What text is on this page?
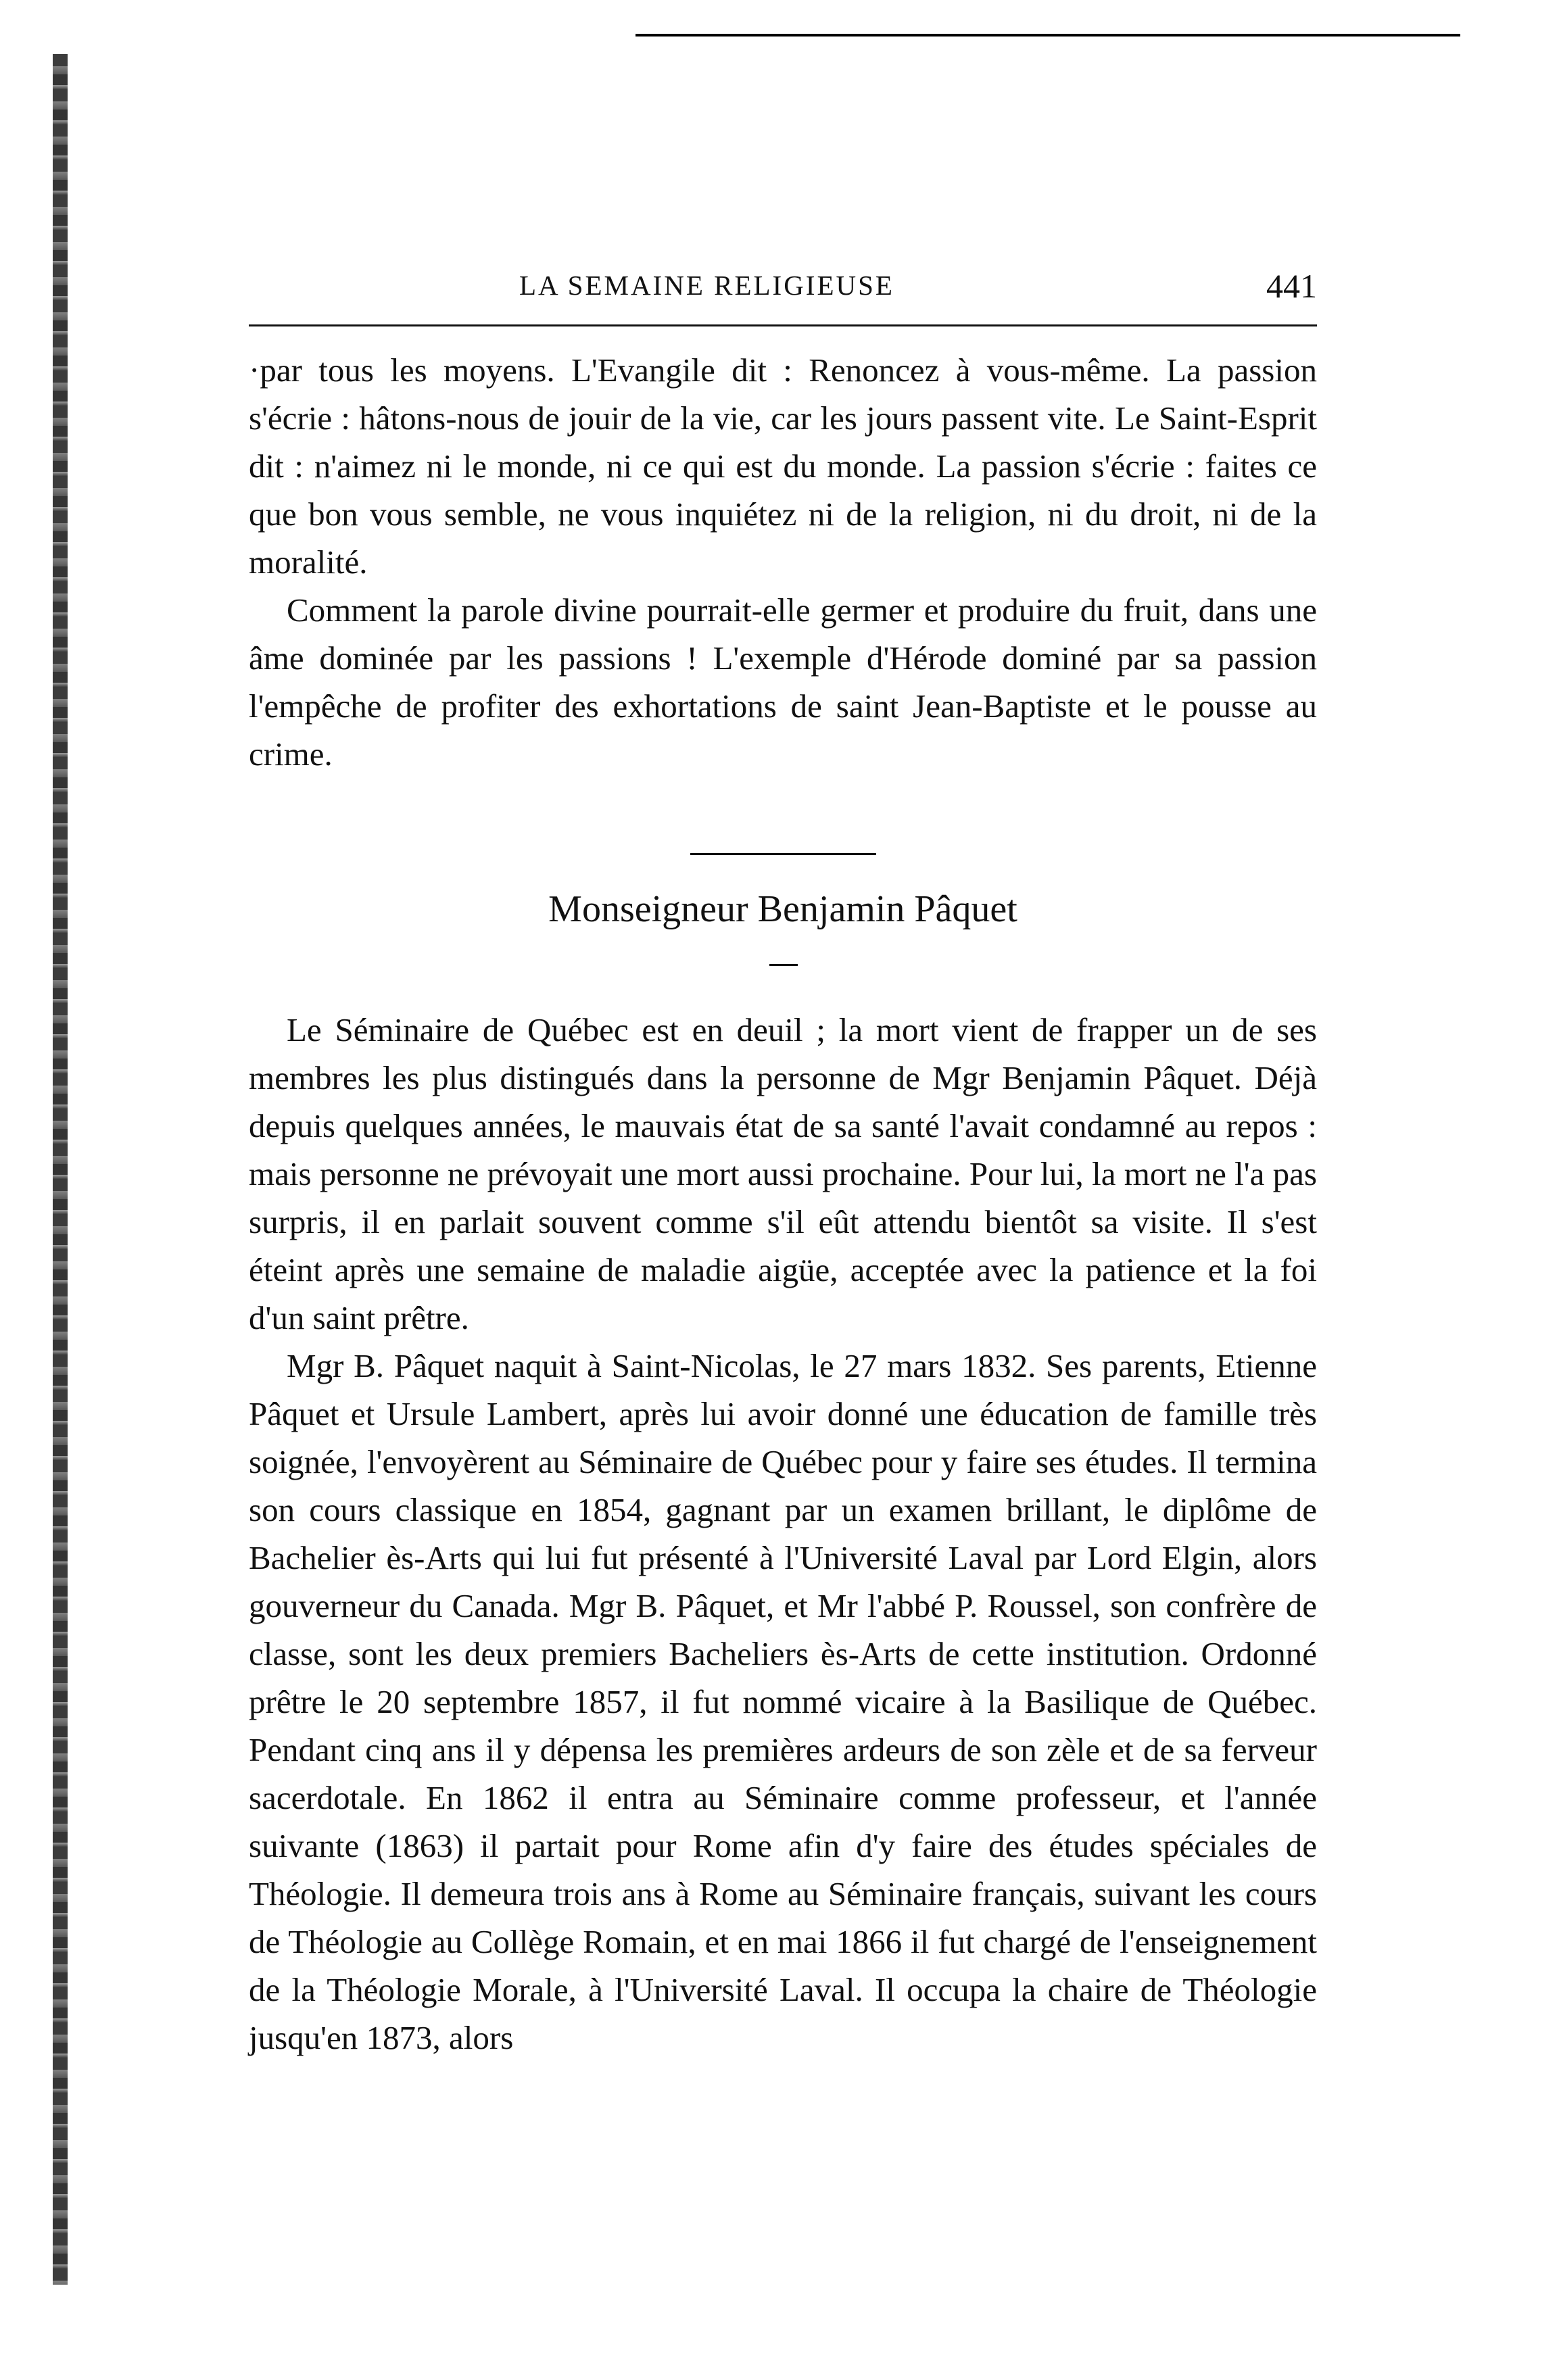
LA SEMAINE RELIGIEUSE	441

·par tous les moyens. L'Evangile dit : Renoncez à vous-même. La passion s'écrie : hâtons-nous de jouir de la vie, car les jours passent vite. Le Saint-Esprit dit : n'aimez ni le monde, ni ce qui est du monde. La passion s'écrie : faites ce que bon vous semble, ne vous inquiétez ni de la religion, ni du droit, ni de la moralité.

Comment la parole divine pourrait-elle germer et produire du fruit, dans une âme dominée par les passions ! L'exemple d'Hérode dominé par sa passion l'empêche de profiter des exhortations de saint Jean-Baptiste et le pousse au crime.

Monseigneur Benjamin Pâquet

Le Séminaire de Québec est en deuil ; la mort vient de frapper un de ses membres les plus distingués dans la personne de Mgr Benjamin Pâquet. Déjà depuis quelques années, le mauvais état de sa santé l'avait condamné au repos : mais personne ne prévoyait une mort aussi prochaine. Pour lui, la mort ne l'a pas surpris, il en parlait souvent comme s'il eût attendu bientôt sa visite. Il s'est éteint après une semaine de maladie aigüe, acceptée avec la patience et la foi d'un saint prêtre.

Mgr B. Pâquet naquit à Saint-Nicolas, le 27 mars 1832. Ses parents, Etienne Pâquet et Ursule Lambert, après lui avoir donné une éducation de famille très soignée, l'envoyèrent au Séminaire de Québec pour y faire ses études. Il termina son cours classique en 1854, gagnant par un examen brillant, le diplôme de Bachelier ès-Arts qui lui fut présenté à l'Université Laval par Lord Elgin, alors gouverneur du Canada. Mgr B. Pâquet, et Mr l'abbé P. Roussel, son confrère de classe, sont les deux premiers Bacheliers ès-Arts de cette institution. Ordonné prêtre le 20 septembre 1857, il fut nommé vicaire à la Basilique de Québec. Pendant cinq ans il y dépensa les premières ardeurs de son zèle et de sa ferveur sacerdotale. En 1862 il entra au Séminaire comme professeur, et l'année suivante (1863) il partait pour Rome afin d'y faire des études spéciales de Théologie. Il demeura trois ans à Rome au Séminaire français, suivant les cours de Théologie au Collège Romain, et en mai 1866 il fut chargé de l'enseignement de la Théologie Morale, à l'Université Laval. Il occupa la chaire de Théologie jusqu'en 1873, alors
